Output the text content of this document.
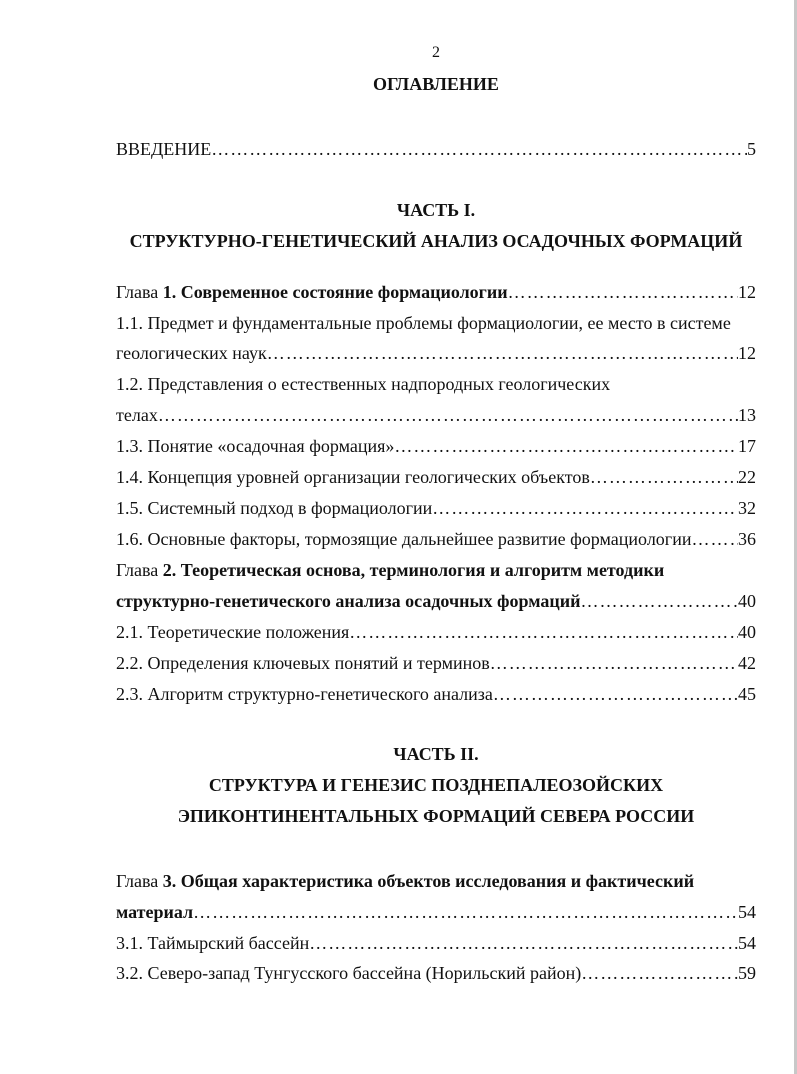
2
ОГЛАВЛЕНИЕ
ВВЕДЕНИЕ ………………………………………………………………………………………………………………………………………	5
ЧАСТЬ I.
СТРУКТУРНО-ГЕНЕТИЧЕСКИЙ АНАЛИЗ ОСАДОЧНЫХ ФОРМАЦИЙ
Глава 1. Современное состояние формациологии ………………………………………………………………………………………………………………………………………	12
1.1. Предмет и фундаментальные проблемы формациологии, ее место в системе
геологических наук ………………………………………………………………………………………………………………………………………	12
1.2. Представления о естественных надпородных геологических
телах ………………………………………………………………………………………………………………………………………	13
1.3. Понятие «осадочная формация» ………………………………………………………………………………………………………………………………………	17
1.4. Концепция уровней организации геологических объектов ………………………………………………………………………………………………………………………………………	22
1.5. Системный подход в формациологии ………………………………………………………………………………………………………………………………………	32
1.6. Основные факторы, тормозящие дальнейшее развитие формациологии ………………………………………………………………………………………………………………………………………	36
Глава 2. Теоретическая основа, терминология и алгоритм методики
структурно-генетического анализа осадочных формаций ………………………………………………………………………………………………………………………………………	40
2.1. Теоретические положения ………………………………………………………………………………………………………………………………………	40
2.2. Определения ключевых понятий и терминов ………………………………………………………………………………………………………………………………………	42
2.3. Алгоритм структурно-генетического анализа ………………………………………………………………………………………………………………………………………	45
ЧАСТЬ II.
СТРУКТУРА И ГЕНЕЗИС ПОЗДНЕПАЛЕОЗОЙСКИХ
ЭПИКОНТИНЕНТАЛЬНЫХ ФОРМАЦИЙ СЕВЕРА РОССИИ
Глава 3. Общая характеристика объектов исследования и фактический
материал ………………………………………………………………………………………………………………………………………	54
3.1. Таймырский бассейн ………………………………………………………………………………………………………………………………………	54
3.2. Северо-запад Тунгусского бассейна (Норильский район) ………………………………………………………………………………………………………………………………………	59
